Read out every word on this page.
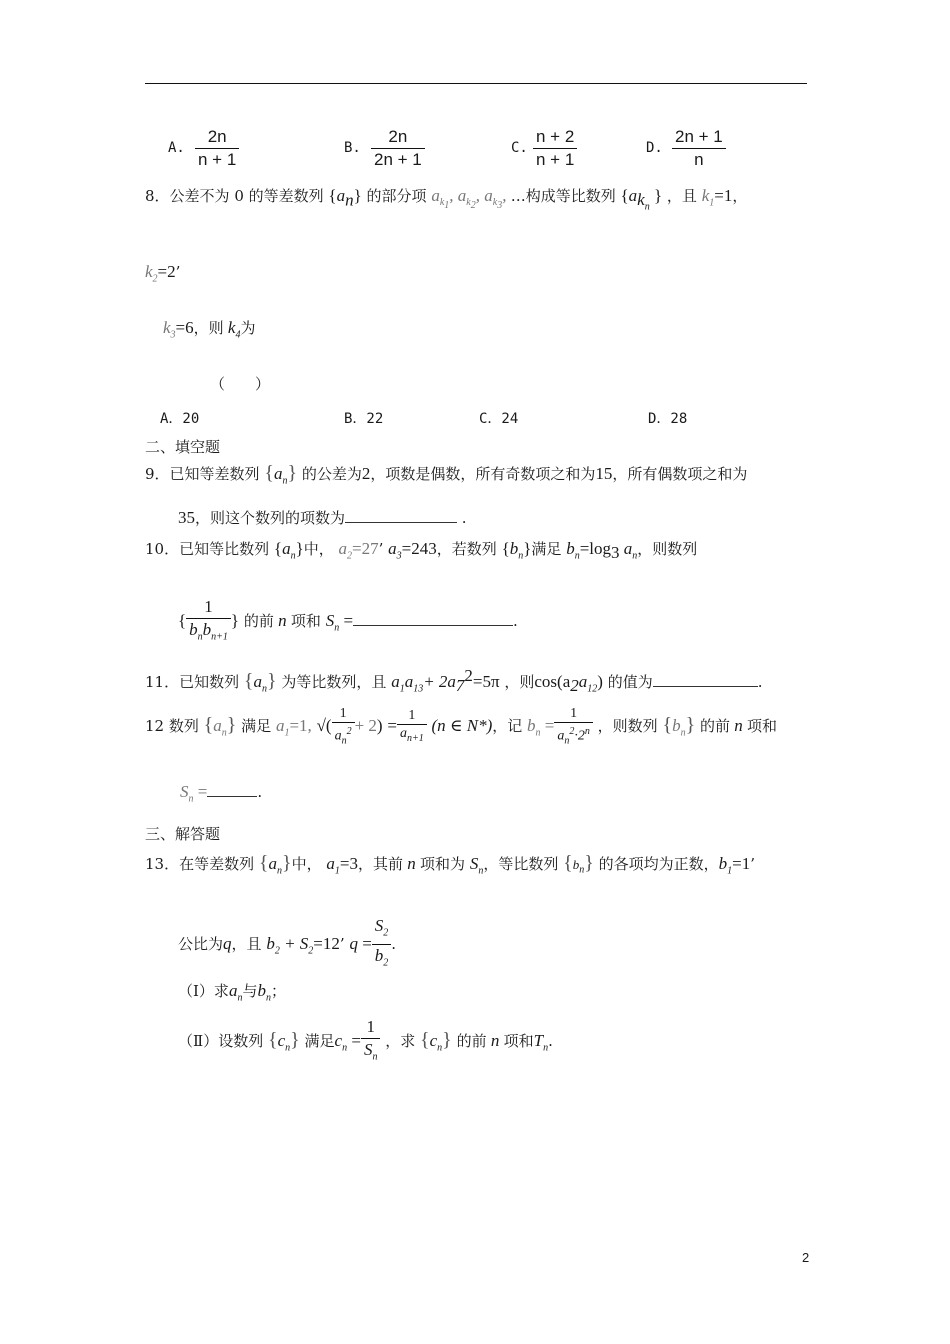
A. $\frac{2n}{n + 1}$	B. $\frac{2n}{2n + 1}$	C. $\frac{n + 2}{n + 1}$	D. $\frac{2n + 1}{n}$
8．公差不为 0 的等差数列 $\{a_n\}$ 的部分项 $a_{k_1}$, $a_{k_2}$, $a_{k_3}$, …构成等比数列 {$a_{k_n}$ } ，且 $k_1=1$，
$k_2=2$’
$k_3=6$，则 $k_4$为
（　　）
A．20	B．22	C．24	D．28
二、填空题
9．已知等差数列 $\{a_n\}$ 的公差为2，项数是偶数，所有奇数项之和为15，所有偶数项之和为
35，则这个数列的项数为	.
10．已知等比数列 $\{a_n\}$中， $a_2=27$’ $a_3=243$，若数列 $\{b_n\}$满足 $b_n=\log_3$ $a_n$，则数列
{ $\frac{1}{b_nb_{n+1}}$ } 的前 n 项和 $S_n$ =	.
11．已知数列 $\{a_n\}$ 为等比数列，且 $a_1a_{13}+ 2a_7^2=5\pi$ ，则$\cos(a_2a_{12})$ 的值为	.
12 数列 $\{a_n\}$ 满足 $a_1=1$, √( $\frac{1}{a_n^2} + 2) = \frac{1}{a_{n+1}} (n$ ∈ N*)，记 $b_n = \frac{1}{a_n^2\cdot 2^n}$ ，则数列 $\{b_n\}$ 的前 n 项和
$S_n$ =	.
三、解答题
13．在等差数列 $\{a_n\}$中， $a_1=3$，其前 n 项和为 $S_n$，等比数列 $\{b_n\}$ 的各项均为正数，$b_1=1$’
公比为q，且 $b_2 + S_2=12$’ $q = \frac{S_2}{b_2}$ .
（Ⅰ）求$a_n$与$b_n$；
（Ⅱ）设数列 $\{c_n\}$ 满足$c_n = \frac{1}{S_n}$ ，求 $\{c_n\}$ 的前 n 项和$T_n$.
2
